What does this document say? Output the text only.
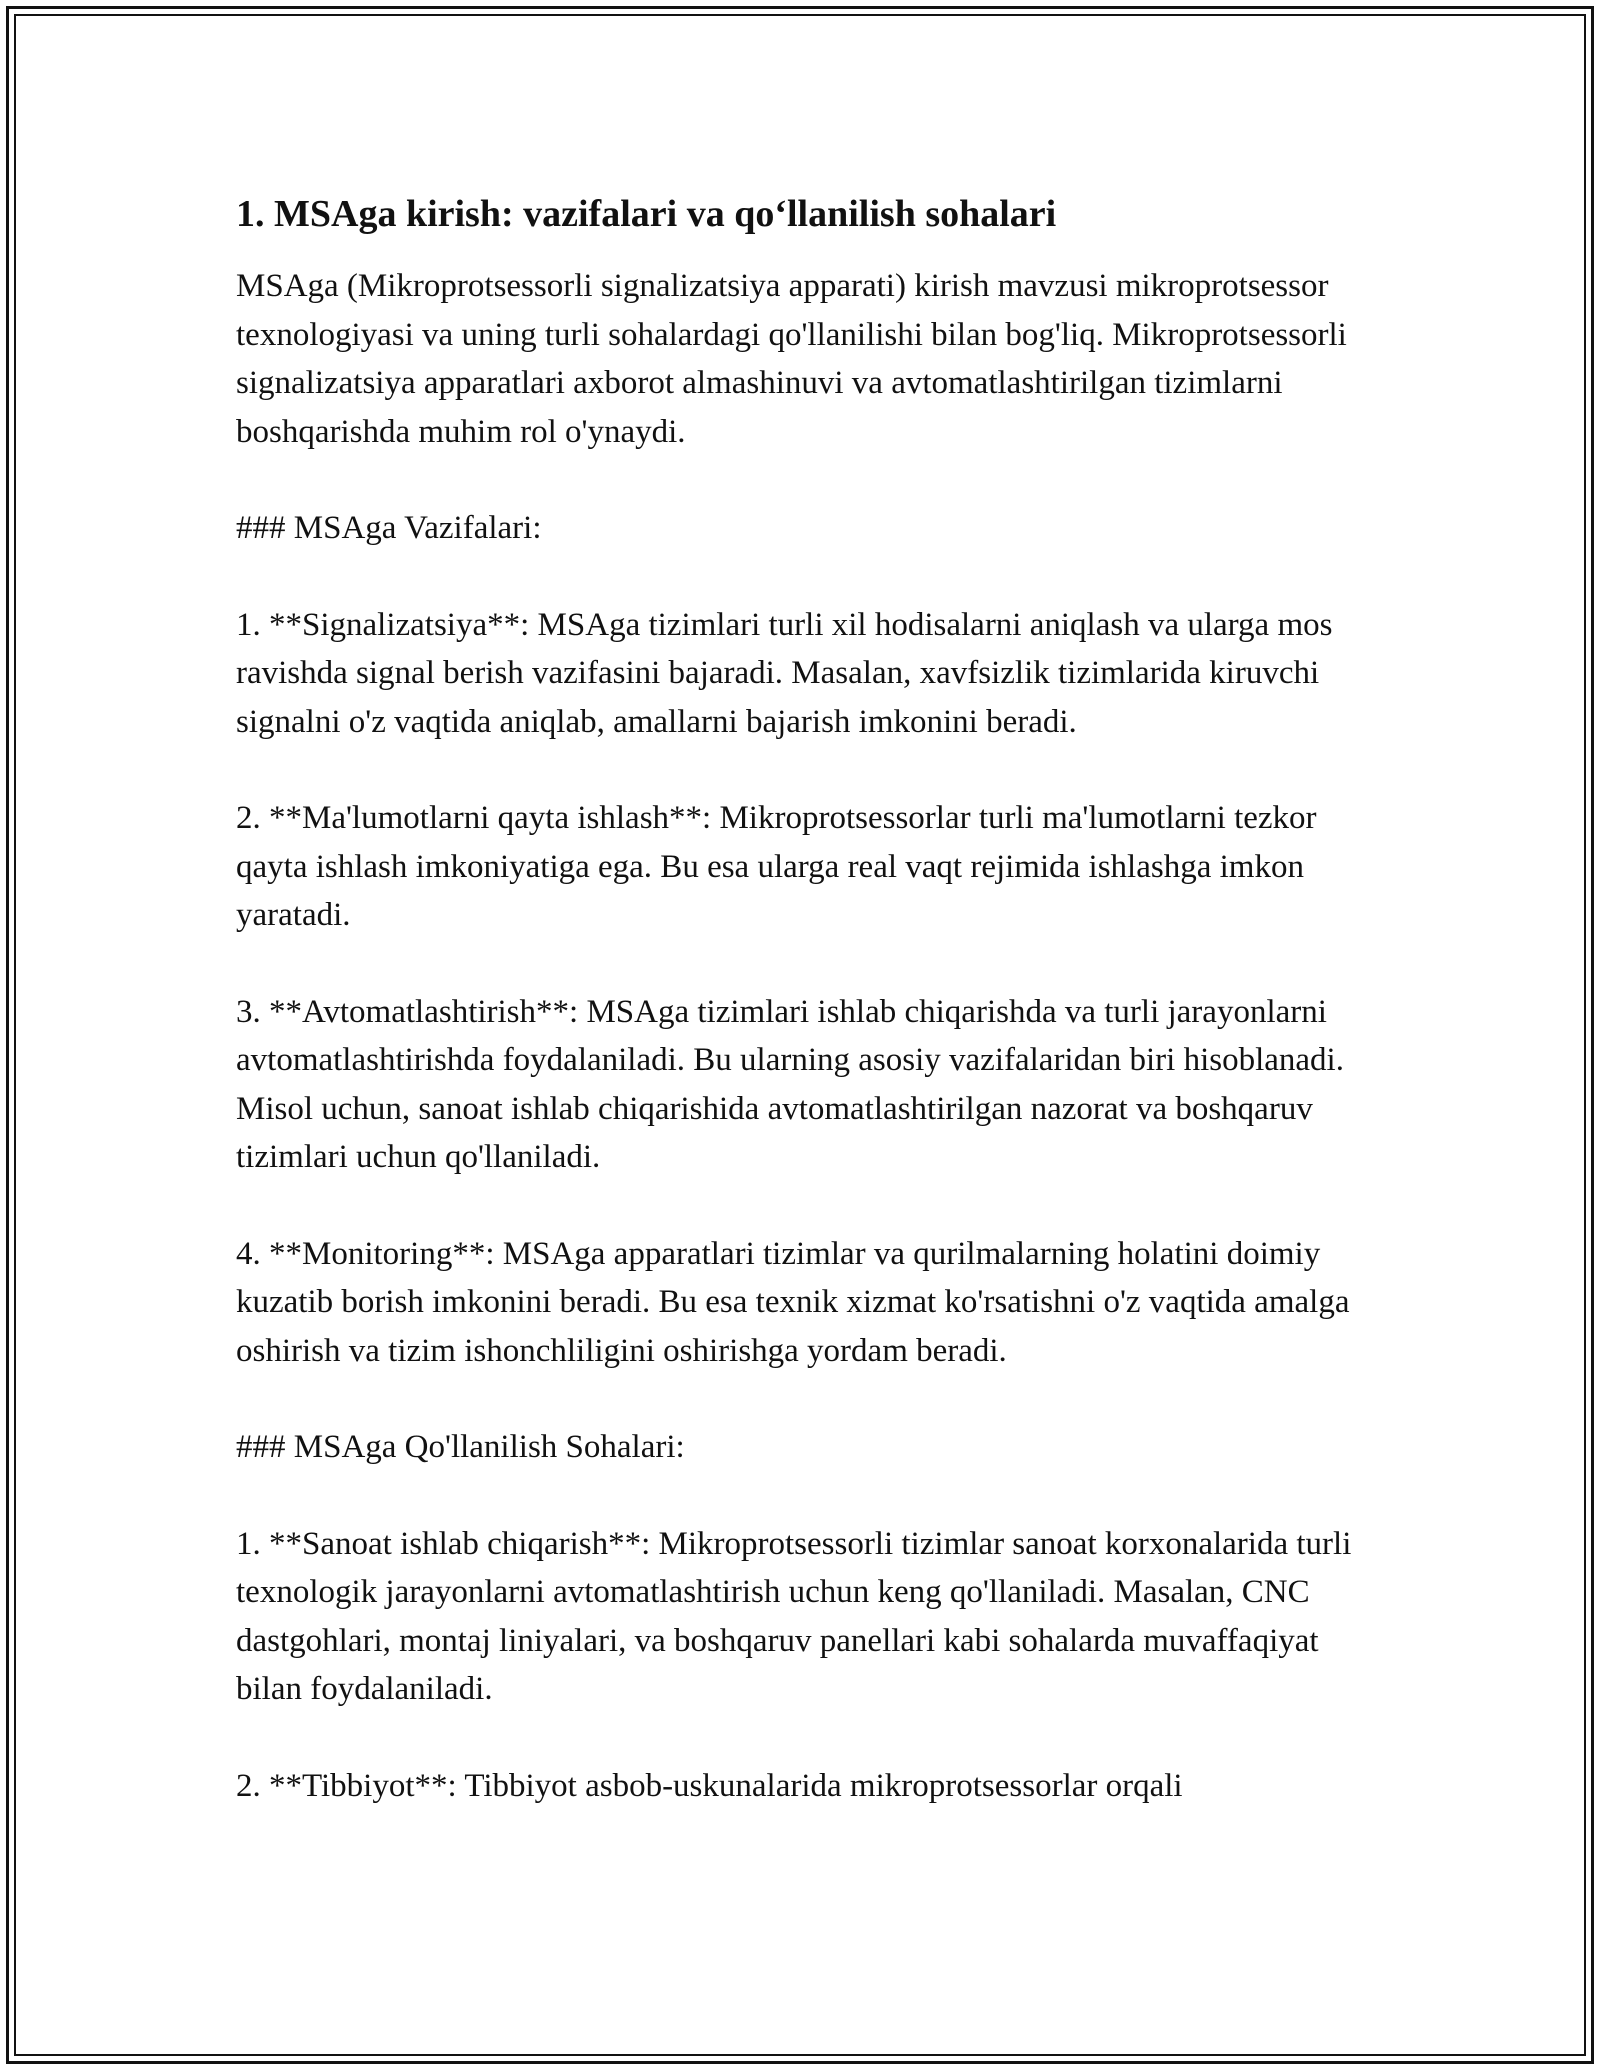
1. MSAga kirish: vazifalari va qo‘llanilish sohalari

MSAga (Mikroprotsessorli signalizatsiya apparati) kirish mavzusi mikroprotsessor texnologiyasi va uning turli sohalardagi qo'llanilishi bilan bog'liq. Mikroprotsessorli signalizatsiya apparatlari axborot almashinuvi va avtomatlashtirilgan tizimlarni boshqarishda muhim rol o'ynaydi.

### MSAga Vazifalari:

1. **Signalizatsiya**: MSAga tizimlari turli xil hodisalarni aniqlash va ularga mos ravishda signal berish vazifasini bajaradi. Masalan, xavfsizlik tizimlarida kiruvchi signalni o'z vaqtida aniqlab, amallarni bajarish imkonini beradi.

2. **Ma'lumotlarni qayta ishlash**: Mikroprotsessorlar turli ma'lumotlarni tezkor qayta ishlash imkoniyatiga ega. Bu esa ularga real vaqt rejimida ishlashga imkon yaratadi.

3. **Avtomatlashtirish**: MSAga tizimlari ishlab chiqarishda va turli jarayonlarni avtomatlashtirishda foydalaniladi. Bu ularning asosiy vazifalaridan biri hisoblanadi. Misol uchun, sanoat ishlab chiqarishida avtomatlashtirilgan nazorat va boshqaruv tizimlari uchun qo'llaniladi.

4. **Monitoring**: MSAga apparatlari tizimlar va qurilmalarning holatini doimiy kuzatib borish imkonini beradi. Bu esa texnik xizmat ko'rsatishni o'z vaqtida amalga oshirish va tizim ishonchliligini oshirishga yordam beradi.

### MSAga Qo'llanilish Sohalari:

1. **Sanoat ishlab chiqarish**: Mikroprotsessorli tizimlar sanoat korxonalarida turli texnologik jarayonlarni avtomatlashtirish uchun keng qo'llaniladi. Masalan, CNC dastgohlari, montaj liniyalari, va boshqaruv panellari kabi sohalarda muvaffaqiyat bilan foydalaniladi.

2. **Tibbiyot**: Tibbiyot asbob-uskunalarida mikroprotsessorlar orqali
